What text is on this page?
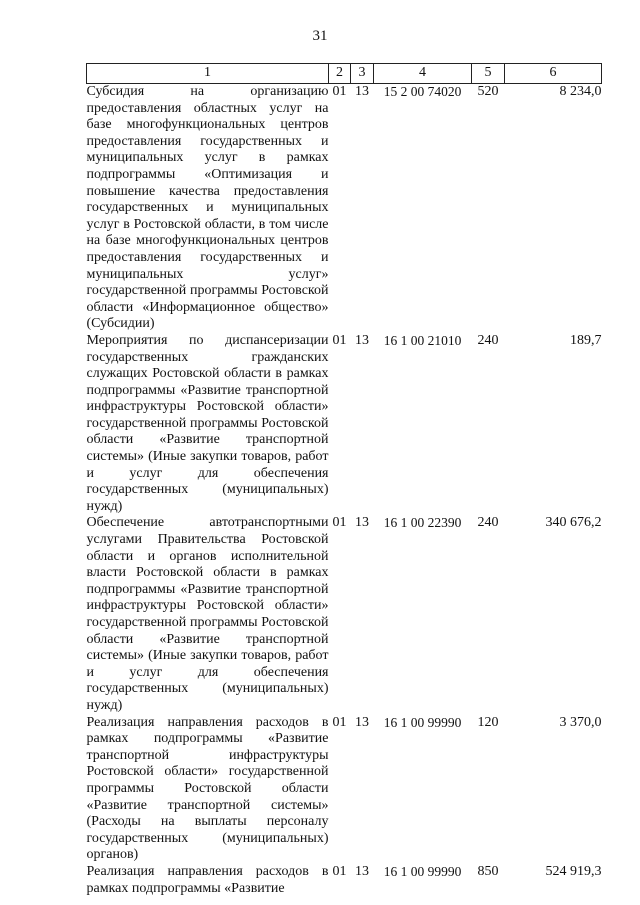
31
1	2	3	4	5	6
Субсидия на организацию предоставления областных услуг на базе многофункциональных центров предоставления государственных и муниципальных услуг в рамках подпрограммы «Оптимизация и повышение качества предоставления государственных и муниципальных услуг в Ростовской области, в том числе на базе многофункциональных центров предоставления государственных и муниципальных услуг» государственной программы Ростовской области «Информационное общество» (Субсидии)	01	13	15 2 00 74020	520	8 234,0
Мероприятия по диспансеризации государственных гражданских служащих Ростовской области в рамках подпрограммы «Развитие транспортной инфраструктуры Ростовской области» государственной программы Ростовской области «Развитие транспортной системы» (Иные закупки товаров, работ и услуг для обеспечения государственных (муниципальных) нужд)	01	13	16 1 00 21010	240	189,7
Обеспечение автотранспортными услугами Правительства Ростовской области и органов исполнительной власти Ростовской области в рамках подпрограммы «Развитие транспортной инфраструктуры Ростовской области» государственной программы Ростовской области «Развитие транспортной системы» (Иные закупки товаров, работ и услуг для обеспечения государственных (муниципальных) нужд)	01	13	16 1 00 22390	240	340 676,2
Реализация направления расходов в рамках подпрограммы «Развитие транспортной инфраструктуры Ростовской области» государственной программы Ростовской области «Развитие транспортной системы» (Расходы на выплаты персоналу государственных (муниципальных) органов)	01	13	16 1 00 99990	120	3 370,0
Реализация направления расходов в рамках подпрограммы «Развитие	01	13	16 1 00 99990	850	524 919,3
